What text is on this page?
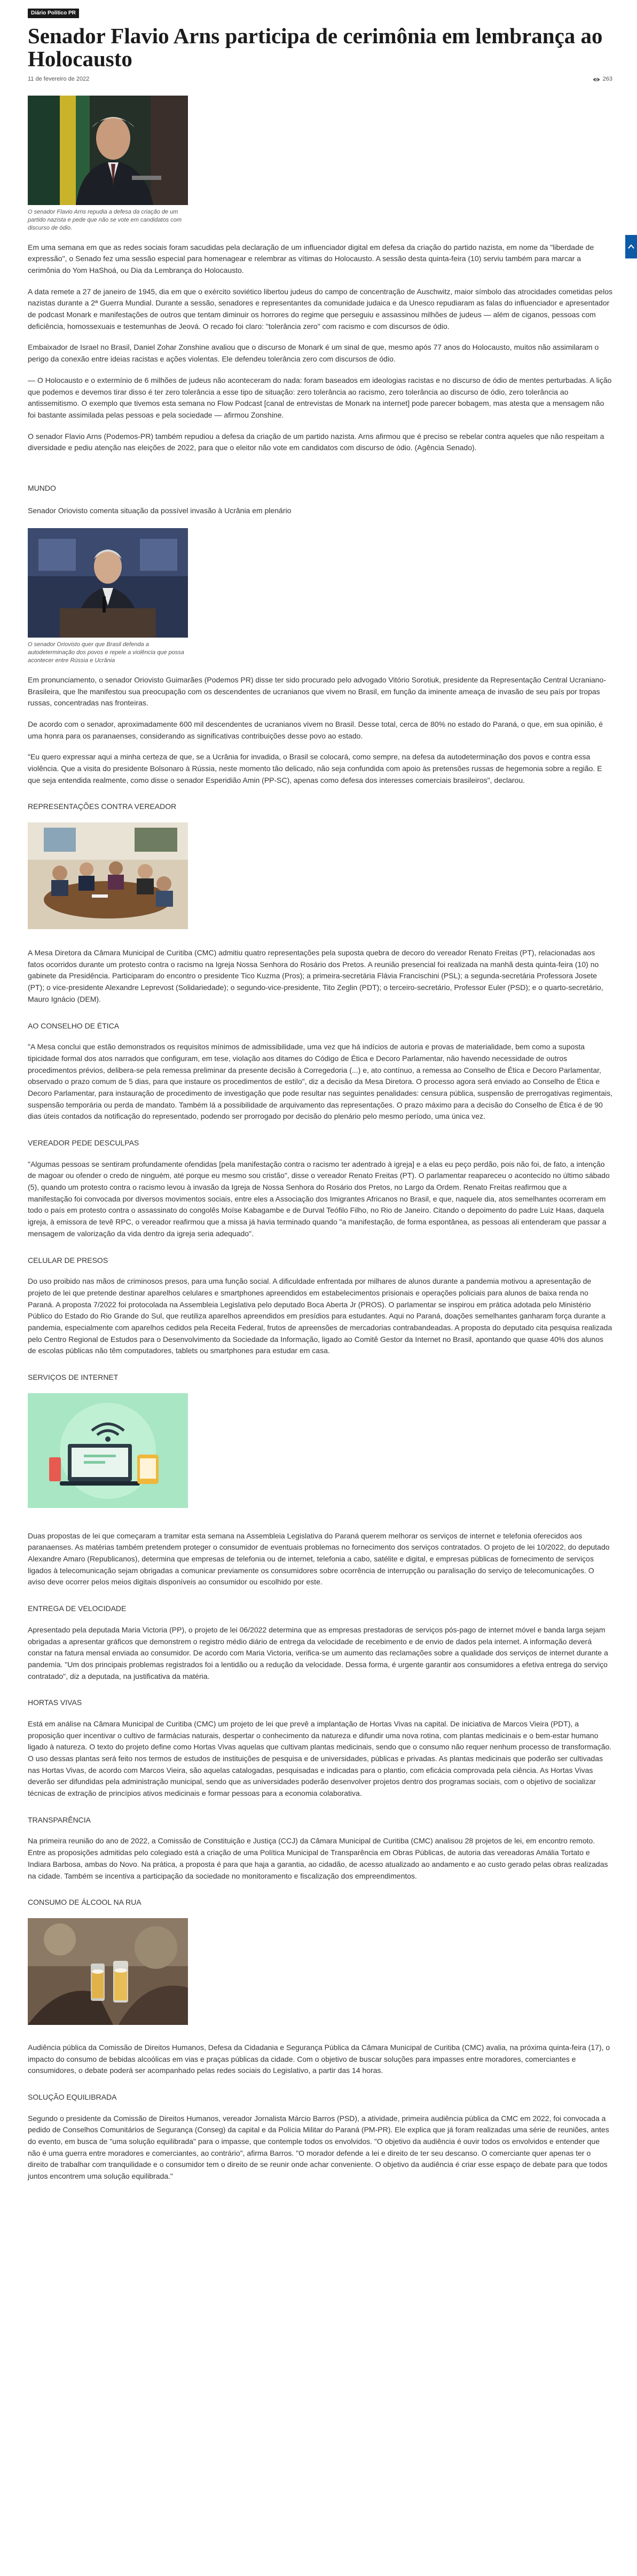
Diário Político PR
Senador Flavio Arns participa de cerimônia em lembrança ao Holocausto
11 de fevereiro de 2022	263
O senador Flavio Arns repudia a defesa da criação de um partido nazista e pede que não se vote em candidatos com discurso de ódio.

Em uma semana em que as redes sociais foram sacudidas pela declaração de um influenciador digital em defesa da criação do partido nazista, em nome da "liberdade de expressão", o Senado fez uma sessão especial para homenagear e relembrar as vítimas do Holocausto. A sessão desta quinta-feira (10) serviu também para marcar a cerimônia do Yom HaShoá, ou Dia da Lembrança do Holocausto.

A data remete a 27 de janeiro de 1945, dia em que o exército soviético libertou judeus do campo de concentração de Auschwitz, maior símbolo das atrocidades cometidas pelos nazistas durante a 2ª Guerra Mundial. Durante a sessão, senadores e representantes da comunidade judaica e da Unesco repudiaram as falas do influenciador e apresentador de podcast Monark e manifestações de outros que tentam diminuir os horrores do regime que perseguiu e assassinou milhões de judeus — além de ciganos, pessoas com deficiência, homossexuais e testemunhas de Jeová. O recado foi claro: "tolerância zero" com racismo e com discursos de ódio.

Embaixador de Israel no Brasil, Daniel Zohar Zonshine avaliou que o discurso de Monark é um sinal de que, mesmo após 77 anos do Holocausto, muitos não assimilaram o perigo da conexão entre ideias racistas e ações violentas. Ele defendeu tolerância zero com discursos de ódio.

— O Holocausto e o extermínio de 6 milhões de judeus não aconteceram do nada: foram baseados em ideologias racistas e no discurso de ódio de mentes perturbadas. A lição que podemos e devemos tirar disso é ter zero tolerância a esse tipo de situação: zero tolerância ao racismo, zero tolerância ao discurso de ódio, zero tolerância ao antissemitismo. O exemplo que tivemos esta semana no Flow Podcast [canal de entrevistas de Monark na internet] pode parecer bobagem, mas atesta que a mensagem não foi bastante assimilada pelas pessoas e pela sociedade — afirmou Zonshine.

O senador Flavio Arns (Podemos-PR) também repudiou a defesa da criação de um partido nazista. Arns afirmou que é preciso se rebelar contra aqueles que não respeitam a diversidade e pediu atenção nas eleições de 2022, para que o eleitor não vote em candidatos com discurso de ódio. (Agência Senado).

MUNDO

Senador Oriovisto comenta situação da possível invasão à Ucrânia em plenário

O senador Oriovisto quer que Brasil defenda a autodeterminação dos povos e repele a violência que possa acontecer entre Rússia e Ucrânia

Em pronunciamento, o senador Oriovisto Guimarães (Podemos PR) disse ter sido procurado pelo advogado Vitório Sorotiuk, presidente da Representação Central Ucraniano-Brasileira, que lhe manifestou sua preocupação com os descendentes de ucranianos que vivem no Brasil, em função da iminente ameaça de invasão de seu país por tropas russas, concentradas nas fronteiras.

De acordo com o senador, aproximadamente 600 mil descendentes de ucranianos vivem no Brasil. Desse total, cerca de 80% no estado do Paraná, o que, em sua opinião, é uma honra para os paranaenses, considerando as significativas contribuições desse povo ao estado.

"Eu quero expressar aqui a minha certeza de que, se a Ucrânia for invadida, o Brasil se colocará, como sempre, na defesa da autodeterminação dos povos e contra essa violência. Que a visita do presidente Bolsonaro à Rússia, neste momento tão delicado, não seja confundida com apoio às pretensões russas de hegemonia sobre a região. E que seja entendida realmente, como disse o senador Esperidião Amin (PP-SC), apenas como defesa dos interesses comerciais brasileiros", declarou.

REPRESENTAÇÕES CONTRA VEREADOR

A Mesa Diretora da Câmara Municipal de Curitiba (CMC) admitiu quatro representações pela suposta quebra de decoro do vereador Renato Freitas (PT), relacionadas aos fatos ocorridos durante um protesto contra o racismo na Igreja Nossa Senhora do Rosário dos Pretos. A reunião presencial foi realizada na manhã desta quinta-feira (10) no gabinete da Presidência. Participaram do encontro o presidente Tico Kuzma (Pros); a primeira-secretária Flávia Francischini (PSL); a segunda-secretária Professora Josete (PT); o vice-presidente Alexandre Leprevost (Solidariedade); o segundo-vice-presidente, Tito Zeglin (PDT); o terceiro-secretário, Professor Euler (PSD); e o quarto-secretário, Mauro Ignácio (DEM).

AO CONSELHO DE ÉTICA

"A Mesa conclui que estão demonstrados os requisitos mínimos de admissibilidade, uma vez que há indícios de autoria e provas de materialidade, bem como a suposta tipicidade formal dos atos narrados que configuram, em tese, violação aos ditames do Código de Ética e Decoro Parlamentar, não havendo necessidade de outros procedimentos prévios, delibera-se pela remessa preliminar da presente decisão à Corregedoria (...) e, ato contínuo, a remessa ao Conselho de Ética e Decoro Parlamentar, observado o prazo comum de 5 dias, para que instaure os procedimentos de estilo", diz a decisão da Mesa Diretora. O processo agora será enviado ao Conselho de Ética e Decoro Parlamentar, para instauração de procedimento de investigação que pode resultar nas seguintes penalidades: censura pública, suspensão de prerrogativas regimentais, suspensão temporária ou perda de mandato. Também lá a possibilidade de arquivamento das representações. O prazo máximo para a decisão do Conselho de Ética é de 90 dias úteis contados da notificação do representado, podendo ser prorrogado por decisão do plenário pelo mesmo período, uma única vez.

VEREADOR PEDE DESCULPAS

"Algumas pessoas se sentiram profundamente ofendidas [pela manifestação contra o racismo ter adentrado à igreja] e a elas eu peço perdão, pois não foi, de fato, a intenção de magoar ou ofender o credo de ninguém, até porque eu mesmo sou cristão", disse o vereador Renato Freitas (PT). O parlamentar reapareceu o acontecido no último sábado (5), quando um protesto contra o racismo levou à invasão da Igreja de Nossa Senhora do Rosário dos Pretos, no Largo da Ordem. Renato Freitas reafirmou que a manifestação foi convocada por diversos movimentos sociais, entre eles a Associação dos Imigrantes Africanos no Brasil, e que, naquele dia, atos semelhantes ocorreram em todo o país em protesto contra o assassinato do congolês Moïse Kabagambe e de Durval Teófilo Filho, no Rio de Janeiro. Citando o depoimento do padre Luiz Haas, daquela igreja, à emissora de tevê RPC, o vereador reafirmou que a missa já havia terminado quando "a manifestação, de forma espontânea, as pessoas ali entenderam que passar a mensagem de valorização da vida dentro da igreja seria adequado".

CELULAR DE PRESOS

Do uso proibido nas mãos de criminosos presos, para uma função social. A dificuldade enfrentada por milhares de alunos durante a pandemia motivou a apresentação de projeto de lei que pretende destinar aparelhos celulares e smartphones apreendidos em estabelecimentos prisionais e operações policiais para alunos de baixa renda no Paraná. A proposta 7/2022 foi protocolada na Assembleia Legislativa pelo deputado Boca Aberta Jr (PROS). O parlamentar se inspirou em prática adotada pelo Ministério Público do Estado do Rio Grande do Sul, que reutiliza aparelhos apreendidos em presídios para estudantes. Aqui no Paraná, doações semelhantes ganharam força durante a pandemia, especialmente com aparelhos cedidos pela Receita Federal, frutos de apreensões de mercadorias contrabandeadas. A proposta do deputado cita pesquisa realizada pelo Centro Regional de Estudos para o Desenvolvimento da Sociedade da Informação, ligado ao Comitê Gestor da Internet no Brasil, apontando que quase 40% dos alunos de escolas públicas não têm computadores, tablets ou smartphones para estudar em casa.

SERVIÇOS DE INTERNET

Duas propostas de lei que começaram a tramitar esta semana na Assembleia Legislativa do Paraná querem melhorar os serviços de internet e telefonia oferecidos aos paranaenses. As matérias também pretendem proteger o consumidor de eventuais problemas no fornecimento dos serviços contratados. O projeto de lei 10/2022, do deputado Alexandre Amaro (Republicanos), determina que empresas de telefonia ou de internet, telefonia a cabo, satélite e digital, e empresas públicas de fornecimento de serviços ligados à telecomunicação sejam obrigadas a comunicar previamente os consumidores sobre ocorrência de interrupção ou paralisação do serviço de telecomunicações. O aviso deve ocorrer pelos meios digitais disponíveis ao consumidor ou escolhido por este.

ENTREGA DE VELOCIDADE

Apresentado pela deputada Maria Victoria (PP), o projeto de lei 06/2022 determina que as empresas prestadoras de serviços pós-pago de internet móvel e banda larga sejam obrigadas a apresentar gráficos que demonstrem o registro médio diário de entrega da velocidade de recebimento e de envio de dados pela internet. A informação deverá constar na fatura mensal enviada ao consumidor. De acordo com Maria Victoria, verifica-se um aumento das reclamações sobre a qualidade dos serviços de internet durante a pandemia. "Um dos principais problemas registrados foi a lentidão ou a redução da velocidade. Dessa forma, é urgente garantir aos consumidores a efetiva entrega do serviço contratado", diz a deputada, na justificativa da matéria.

HORTAS VIVAS

Está em análise na Câmara Municipal de Curitiba (CMC) um projeto de lei que prevê a implantação de Hortas Vivas na capital. De iniciativa de Marcos Vieira (PDT), a proposição quer incentivar o cultivo de farmácias naturais, despertar o conhecimento da natureza e difundir uma nova rotina, com plantas medicinais e o bem-estar humano ligado à natureza. O texto do projeto define como Hortas Vivas aquelas que cultivam plantas medicinais, sendo que o consumo não requer nenhum processo de transformação. O uso dessas plantas será feito nos termos de estudos de instituições de pesquisa e de universidades, públicas e privadas. As plantas medicinais que poderão ser cultivadas nas Hortas Vivas, de acordo com Marcos Vieira, são aquelas catalogadas, pesquisadas e indicadas para o plantio, com eficácia comprovada pela ciência. As Hortas Vivas deverão ser difundidas pela administração municipal, sendo que as universidades poderão desenvolver projetos dentro dos programas sociais, com o objetivo de socializar técnicas de extração de princípios ativos medicinais e formar pessoas para a economia colaborativa.

TRANSPARÊNCIA

Na primeira reunião do ano de 2022, a Comissão de Constituição e Justiça (CCJ) da Câmara Municipal de Curitiba (CMC) analisou 28 projetos de lei, em encontro remoto. Entre as proposições admitidas pelo colegiado está a criação de uma Política Municipal de Transparência em Obras Públicas, de autoria das vereadoras Amália Tortato e Indiara Barbosa, ambas do Novo. Na prática, a proposta é para que haja a garantia, ao cidadão, de acesso atualizado ao andamento e ao custo gerado pelas obras realizadas na cidade. Também se incentiva a participação da sociedade no monitoramento e fiscalização dos empreendimentos.

CONSUMO DE ÁLCOOL NA RUA

Audiência pública da Comissão de Direitos Humanos, Defesa da Cidadania e Segurança Pública da Câmara Municipal de Curitiba (CMC) avalia, na próxima quinta-feira (17), o impacto do consumo de bebidas alcoólicas em vias e praças públicas da cidade. Com o objetivo de buscar soluções para impasses entre moradores, comerciantes e consumidores, o debate poderá ser acompanhado pelas redes sociais do Legislativo, a partir das 14 horas.

SOLUÇÃO EQUILIBRADA

Segundo o presidente da Comissão de Direitos Humanos, vereador Jornalista Márcio Barros (PSD), a atividade, primeira audiência pública da CMC em 2022, foi convocada a pedido de Conselhos Comunitários de Segurança (Conseg) da capital e da Polícia Militar do Paraná (PM-PR). Ele explica que já foram realizadas uma série de reuniões, antes do evento, em busca de "uma solução equilibrada" para o impasse, que contemple todos os envolvidos. "O objetivo da audiência é ouvir todos os envolvidos e entender que não é uma guerra entre moradores e comerciantes, ao contrário", afirma Barros. "O morador defende a lei e direito de ter seu descanso. O comerciante quer apenas ter o direito de trabalhar com tranquilidade e o consumidor tem o direito de se reunir onde achar conveniente. O objetivo da audiência é criar esse espaço de debate para que todos juntos encontrem uma solução equilibrada."
